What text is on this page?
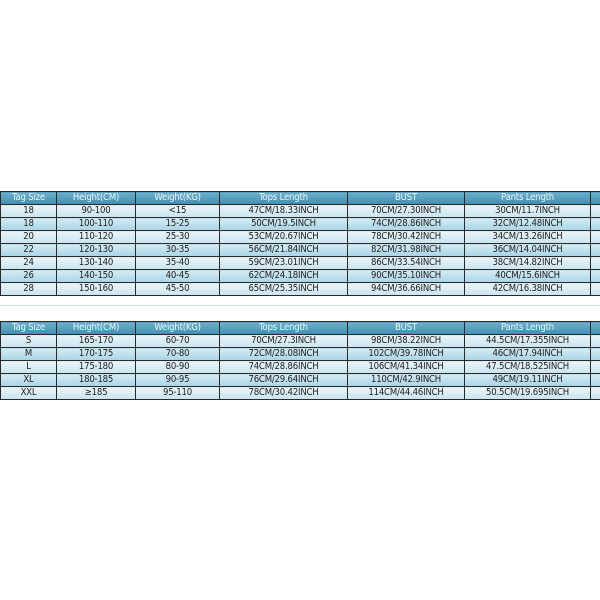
Tag Size	Height(CM)	Weight(KG)	Tops Length	BUST	Pants Length	
18	90-100	<15	47CM/18.33INCH	70CM/27.30INCH	30CM/11.7INCH	
18	100-110	15-25	50CM/19.5INCH	74CM/28.86INCH	32CM/12.48INCH	
20	110-120	25-30	53CM/20.67INCH	78CM/30.42INCH	34CM/13.26INCH	
22	120-130	30-35	56CM/21.84INCH	82CM/31.98INCH	36CM/14.04INCH	
24	130-140	35-40	59CM/23.01INCH	86CM/33.54INCH	38CM/14.82INCH	
26	140-150	40-45	62CM/24.18INCH	90CM/35.10INCH	40CM/15.6INCH	
28	150-160	45-50	65CM/25.35INCH	94CM/36.66INCH	42CM/16.38INCH	
Tag Size	Height(CM)	Weight(KG)	Tops Length	BUST	Pants Length	
S	165-170	60-70	70CM/27.3INCH	98CM/38.22INCH	44.5CM/17.355INCH	
M	170-175	70-80	72CM/28.08INCH	102CM/39.78INCH	46CM/17.94INCH	
L	175-180	80-90	74CM/28.86INCH	106CM/41.34INCH	47.5CM/18.525INCH	
XL	180-185	90-95	76CM/29.64INCH	110CM/42.9INCH	49CM/19.11INCH	
XXL	≥185	95-110	78CM/30.42INCH	114CM/44.46INCH	50.5CM/19.695INCH	
